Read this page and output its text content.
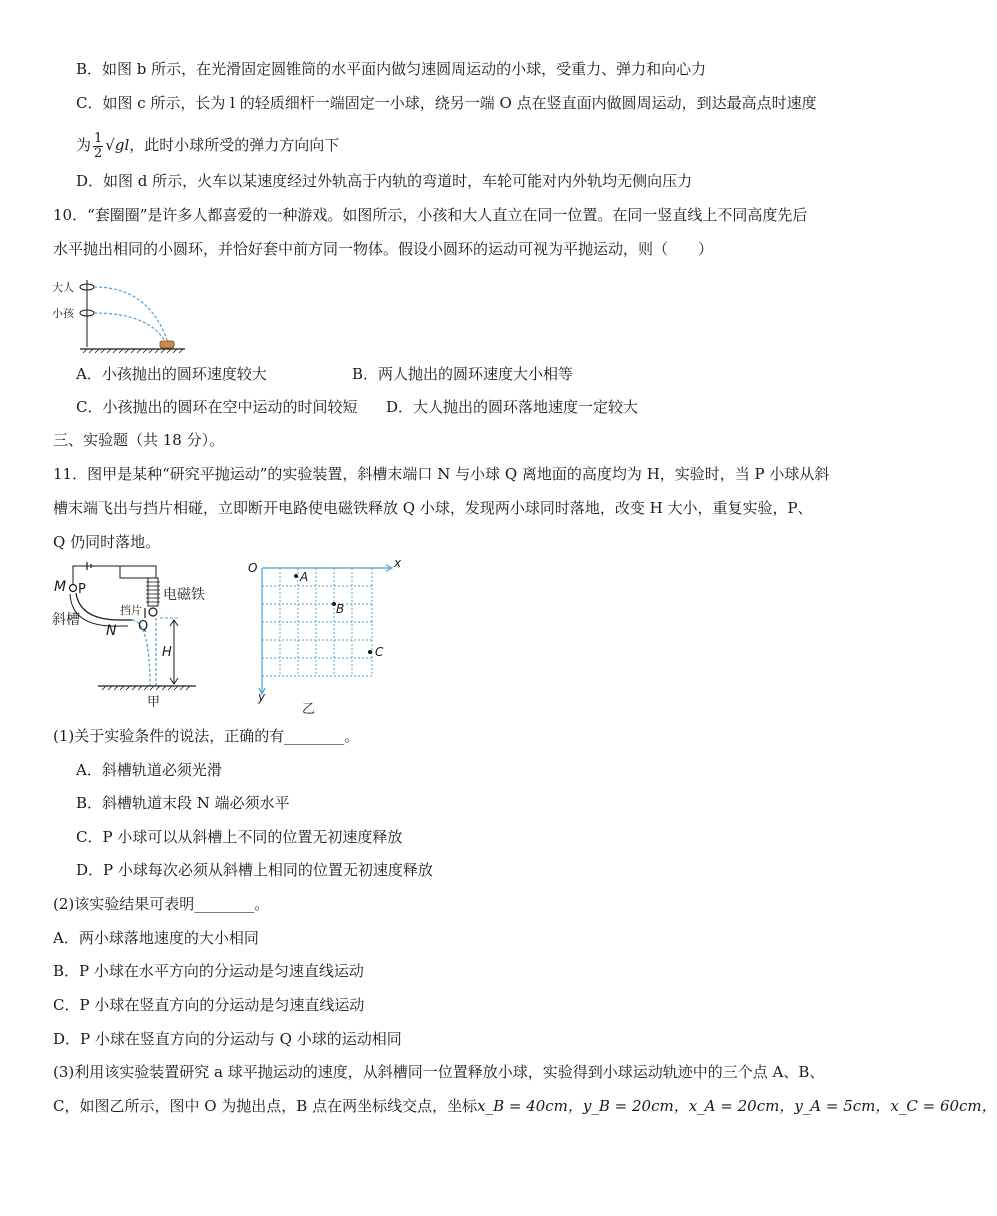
B．如图 b 所示，在光滑固定圆锥筒的水平面内做匀速圆周运动的小球，受重力、弹力和向心力
C．如图 c 所示，长为 l 的轻质细杆一端固定一小球，绕另一端 O 点在竖直面内做圆周运动，到达最高点时速度
为 $\frac{1}{2} √gl$，此时小球所受的弹力方向向下
D．如图 d 所示，火车以某速度经过外轨高于内轨的弯道时，车轮可能对内外轨均无侧向压力
10．“套圈圈”是许多人都喜爱的一种游戏。如图所示，小孩和大人直立在同一位置。在同一竖直线上不同高度先后
水平抛出相同的小圆环，并恰好套中前方同一物体。假设小圆环的运动可视为平抛运动，则（　　）
大人
小孩
A．小孩抛出的圆环速度较大	B．两人抛出的圆环速度大小相等
C．小孩抛出的圆环在空中运动的时间较短 D．大人抛出的圆环落地速度一定较大
三、实验题（共 18 分）。
11．图甲是某种“研究平抛运动”的实验装置，斜槽末端口 N 与小球 Q 离地面的高度均为 H，实验时，当 P 小球从斜
槽末端飞出与挡片相碰，立即断开电路使电磁铁释放 Q 小球，发现两小球同时落地，改变 H 大小，重复实验，P、
Q 仍同时落地。
M P	电磁铁
斜槽
挡片
N Q
H
甲
O	x
y
A
B
C
乙
(1)关于实验条件的说法，正确的有________。
A．斜槽轨道必须光滑
B．斜槽轨道末段 N 端必须水平
C．P 小球可以从斜槽上不同的位置无初速度释放
D．P 小球每次必须从斜槽上相同的位置无初速度释放
(2)该实验结果可表明________。
A．两小球落地速度的大小相同
B．P 小球在水平方向的分运动是匀速直线运动
C．P 小球在竖直方向的分运动是匀速直线运动
D．P 小球在竖直方向的分运动与 Q 小球的运动相同
(3)利用该实验装置研究 a 球平抛运动的速度，从斜槽同一位置释放小球，实验得到小球运动轨迹中的三个点 A、B、
C，如图乙所示，图中 O 为抛出点，B 点在两坐标线交点，坐标x_B = 40cm，y_B = 20cm，x_A = 20cm，y_A = 5cm，x_C = 60cm，
